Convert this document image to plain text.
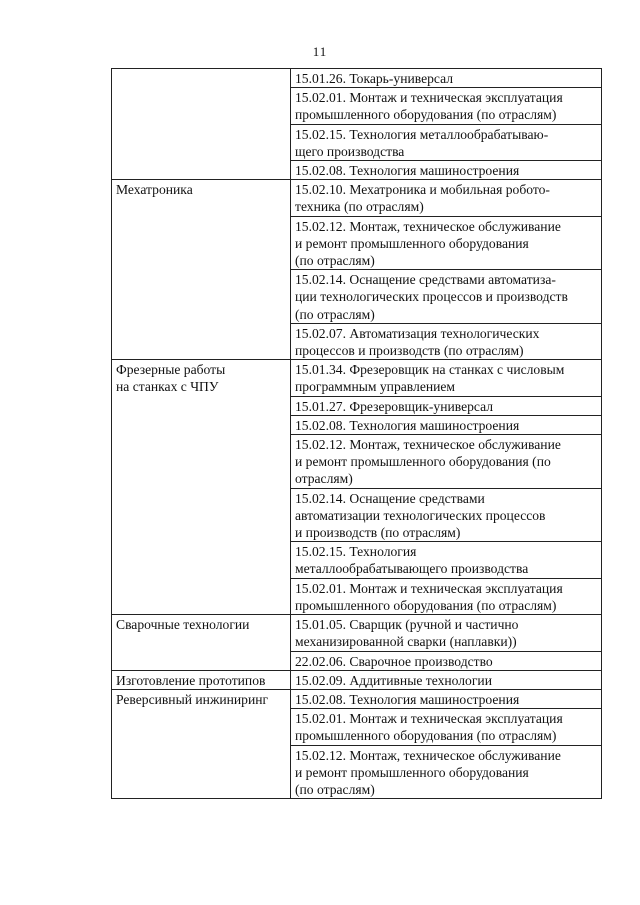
11

	15.01.26. Токарь-универсал

	15.02.01. Монтаж и техническая эксплуатация
промышленного оборудования (по отраслям)

	15.02.15. Технология металлообрабатываю-
щего производства

	15.02.08. Технология машиностроения

Мехатроника	15.02.10. Мехатроника и мобильная робото-
техника (по отраслям)

	15.02.12. Монтаж, техническое обслуживание
и ремонт промышленного оборудования
(по отраслям)

	15.02.14. Оснащение средствами автоматиза-
ции технологических процессов и производств
(по отраслям)

	15.02.07. Автоматизация технологических
процессов и производств (по отраслям)

Фрезерные работы
на станках с ЧПУ	15.01.34. Фрезеровщик на станках с числовым
программным управлением

	15.01.27. Фрезеровщик-универсал

	15.02.08. Технология машиностроения

	15.02.12. Монтаж, техническое обслуживание
и ремонт промышленного оборудования (по
отраслям)

	15.02.14. Оснащение средствами
автоматизации технологических процессов
и производств (по отраслям)

	15.02.15. Технология
металлообрабатывающего производства

	15.02.01. Монтаж и техническая эксплуатация
промышленного оборудования (по отраслям)

Сварочные технологии	15.01.05. Сварщик (ручной и частично
механизированной сварки (наплавки))

	22.02.06. Сварочное производство

Изготовление прототипов	15.02.09. Аддитивные технологии

Реверсивный инжиниринг	15.02.08. Технология машиностроения

	15.02.01. Монтаж и техническая эксплуатация
промышленного оборудования (по отраслям)

	15.02.12. Монтаж, техническое обслуживание
и ремонт промышленного оборудования
(по отраслям)
